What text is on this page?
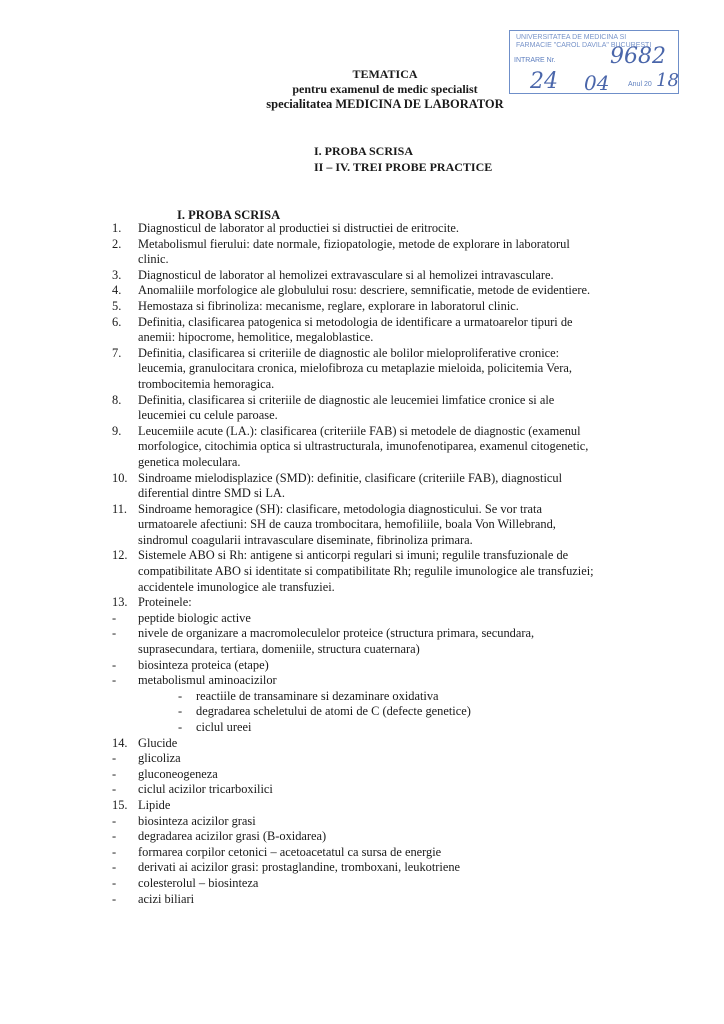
UNIVERSITATEA DE MEDICINA SI
FARMACIE "CAROL DAVILA" BUCURESTI
INTRARE Nr. 9682
24 04	Anul 20 18
TEMATICA
pentru examenul de medic specialist
specialitatea MEDICINA DE LABORATOR
I. PROBA SCRISA
II – IV. TREI PROBE PRACTICE
I. PROBA SCRISA
1.	Diagnosticul de laborator al productiei si distructiei de eritrocite.
2.	Metabolismul fierului: date normale, fiziopatologie, metode de explorare in laboratorul
clinic.
3.	Diagnosticul de laborator al hemolizei extravasculare si al hemolizei intravasculare.
4.	Anomaliile morfologice ale globulului rosu: descriere, semnificatie, metode de evidentiere.
5.	Hemostaza si fibrinoliza: mecanisme, reglare, explorare in laboratorul clinic.
6.	Definitia, clasificarea patogenica si metodologia de identificare a urmatoarelor tipuri de
anemii: hipocrome, hemolitice, megaloblastice.
7.	Definitia, clasificarea si criteriile de diagnostic ale bolilor mieloproliferative cronice:
leucemia, granulocitara cronica, mielofibroza cu metaplazie mieloida, policitemia Vera,
trombocitemia hemoragica.
8.	Definitia, clasificarea si criteriile de diagnostic ale leucemiei limfatice cronice si ale
leucemiei cu celule paroase.
9.	Leucemiile acute (LA.): clasificarea (criteriile FAB) si metodele de diagnostic (examenul
morfologice, citochimia optica si ultrastructurala, imunofenotiparea, examenul citogenetic,
genetica moleculara.
10. Sindroame mielodisplazice (SMD): definitie, clasificare (criteriile FAB), diagnosticul
diferential dintre SMD si LA.
11. Sindroame hemoragice (SH): clasificare, metodologia diagnosticului. Se vor trata
urmatoarele afectiuni: SH de cauza trombocitara, hemofiliile, boala Von Willebrand,
sindromul coagularii intravasculare diseminate, fibrinoliza primara.
12. Sistemele ABO si Rh: antigene si anticorpi regulari si imuni; regulile transfuzionale de
compatibilitate ABO si identitate si compatibilitate Rh; regulile imunologice ale transfuziei;
accidentele imunologice ale transfuziei.
13. Proteinele:
- peptide biologic active
- nivele de organizare a macromoleculelor proteice (structura primara, secundara,
suprasecundara, tertiara, domeniile, structura cuaternara)
- biosinteza proteica (etape)
- metabolismul aminoacizilor
- reactiile de transaminare si dezaminare oxidativa
- degradarea scheletului de atomi de C (defecte genetice)
- ciclul ureei
14. Glucide
- glicoliza
- gluconeogeneza
- ciclul acizilor tricarboxilici
15. Lipide
- biosinteza acizilor grasi
- degradarea acizilor grasi (B-oxidarea)
- formarea corpilor cetonici – acetoacetatul ca sursa de energie
- derivati ai acizilor grasi: prostaglandine, tromboxani, leukotriene
- colesterolul – biosinteza
- acizi biliari
